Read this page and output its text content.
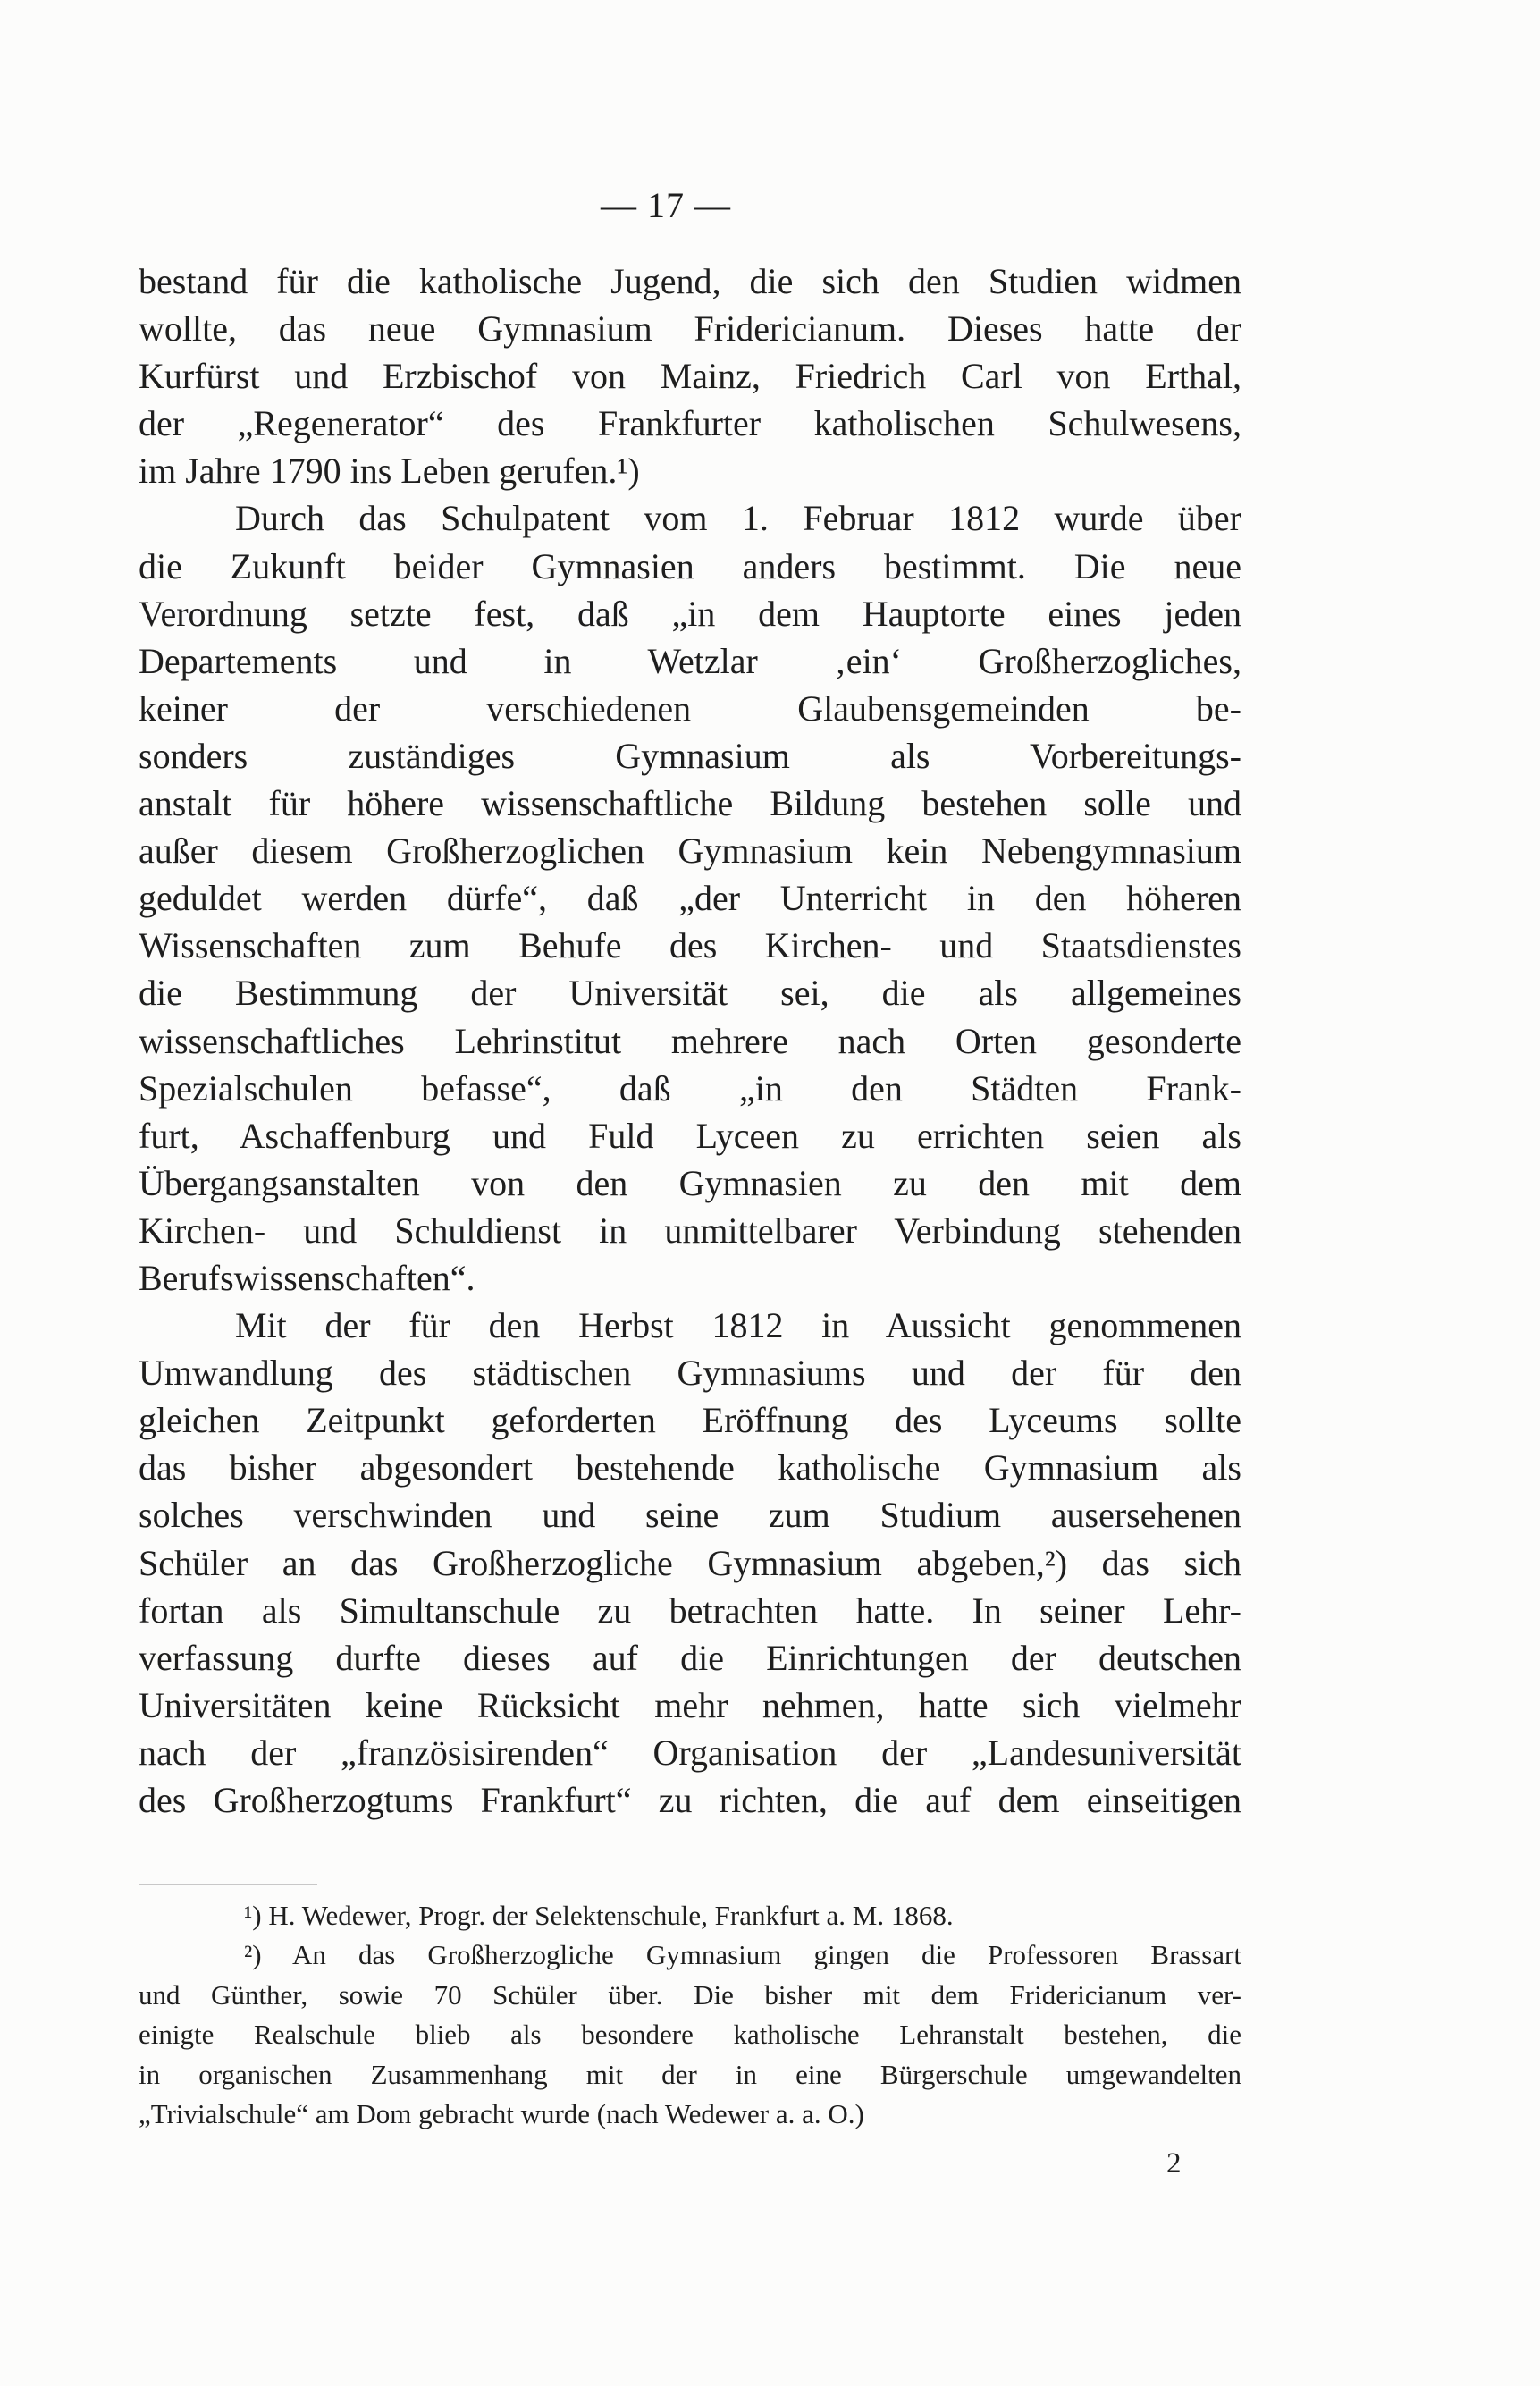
— 17 —
bestand für die katholische Jugend, die sich den Studien widmen
wollte, das neue Gymnasium Fridericianum. Dieses hatte der
Kurfürst und Erzbischof von Mainz, Friedrich Carl von Erthal,
der „Regenerator“ des Frankfurter katholischen Schulwesens,
im Jahre 1790 ins Leben gerufen.¹)
Durch das Schulpatent vom 1. Februar 1812 wurde über
die Zukunft beider Gymnasien anders bestimmt. Die neue
Verordnung setzte fest, daß „in dem Hauptorte eines jeden
Departements und in Wetzlar ‚ein‘ Großherzogliches,
keiner der verschiedenen Glaubensgemeinden be-
sonders zuständiges Gymnasium als Vorbereitungs-
anstalt für höhere wissenschaftliche Bildung bestehen solle und
außer diesem Großherzoglichen Gymnasium kein Nebengymnasium
geduldet werden dürfe“, daß „der Unterricht in den höheren
Wissenschaften zum Behufe des Kirchen- und Staatsdienstes
die Bestimmung der Universität sei, die als allgemeines
wissenschaftliches Lehrinstitut mehrere nach Orten gesonderte
Spezialschulen befasse“, daß „in den Städten Frank-
furt, Aschaffenburg und Fuld Lyceen zu errichten seien als
Übergangsanstalten von den Gymnasien zu den mit dem
Kirchen- und Schuldienst in unmittelbarer Verbindung stehenden
Berufswissenschaften“.
Mit der für den Herbst 1812 in Aussicht genommenen
Umwandlung des städtischen Gymnasiums und der für den
gleichen Zeitpunkt geforderten Eröffnung des Lyceums sollte
das bisher abgesondert bestehende katholische Gymnasium als
solches verschwinden und seine zum Studium ausersehenen
Schüler an das Großherzogliche Gymnasium abgeben,²) das sich
fortan als Simultanschule zu betrachten hatte. In seiner Lehr-
verfassung durfte dieses auf die Einrichtungen der deutschen
Universitäten keine Rücksicht mehr nehmen, hatte sich vielmehr
nach der „französisirenden“ Organisation der „Landesuniversität
des Großherzogtums Frankfurt“ zu richten, die auf dem einseitigen
¹) H. Wedewer, Progr. der Selektenschule, Frankfurt a. M. 1868.
²) An das Großherzogliche Gymnasium gingen die Professoren Brassart
und Günther, sowie 70 Schüler über. Die bisher mit dem Fridericianum ver-
einigte Realschule blieb als besondere katholische Lehranstalt bestehen, die
in organischen Zusammenhang mit der in eine Bürgerschule umgewandelten
„Trivialschule“ am Dom gebracht wurde (nach Wedewer a. a. O.)
2
